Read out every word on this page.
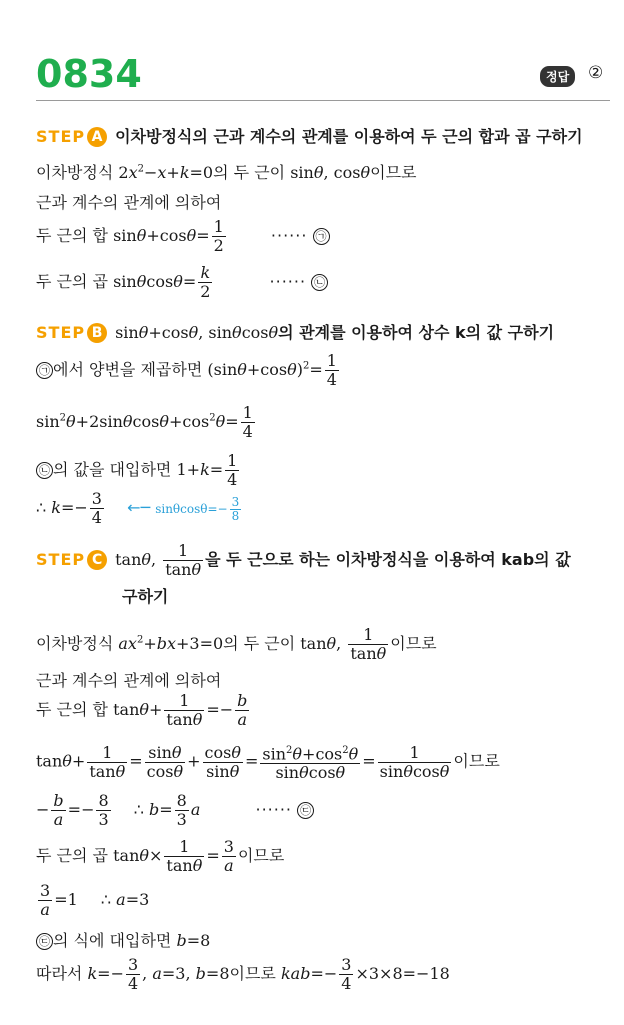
0834	정답	②
STEP A 이차방정식의 근과 계수의 관계를 이용하여 두 근의 합과 곱 구하기
이차방정식 $2x^2-x+k=0$의 두 근이 sinθ, cosθ이므로
근과 계수의 관계에 의하여
두 근의 합 $\sin\theta+\cos\theta= \frac{1}{2}$	······ ㉠
두 근의 곱 $\sin\theta\cos\theta= \frac{k}{2}$	······ ㉡
STEP B sinθ+cosθ, sinθcosθ의 관계를 이용하여 상수 k의 값 구하기
㉠ 에서 양변을 제곱하면 $(\sin\theta+\cos\theta)^2= \frac{1}{4}$
$\sin^2\theta+2\sin\theta\cos\theta+\cos^2\theta= \frac{1}{4}$
㉡ 의 값을 대입하면 $1+k= \frac{1}{4}$
∴ $k=- \frac{3}{4}$ ←─ $\sin\theta\cos\theta=- \frac{3}{8}$
STEP C tanθ, $\frac{1}{\tan\theta}$ 을 두 근으로 하는 이차방정식을 이용하여 kab의 값
구하기
이차방정식 $ax^2+bx+3=0$의 두 근이 tanθ, $\frac{1}{\tan\theta}$ 이므로
근과 계수의 관계에 의하여
두 근의 합 $\tan\theta+ \frac{1}{\tan\theta} =- \frac{b}{a}$
$\tan\theta+ \frac{1}{\tan\theta} = \frac{\sin\theta}{\cos\theta} + \frac{\cos\theta}{\sin\theta} = \frac{\sin^2\theta+\cos^2\theta}{\sin\theta\cos\theta} = \frac{1}{\sin\theta\cos\theta}$ 이므로
− $\frac{b}{a} =- \frac{8}{3}$ ∴ $b= \frac{8}{3}$ a	······ ㉢
두 근의 곱 $\tan\theta\times \frac{1}{\tan\theta} = \frac{3}{a}$ 이므로
$\frac{3}{a} =1$ ∴ a=3
㉢ 의 식에 대입하면 b=8
따라서 $k=- \frac{3}{4}$ , a=3, b=8이므로 $kab=- \frac{3}{4} \times 3\times 8=-18$
